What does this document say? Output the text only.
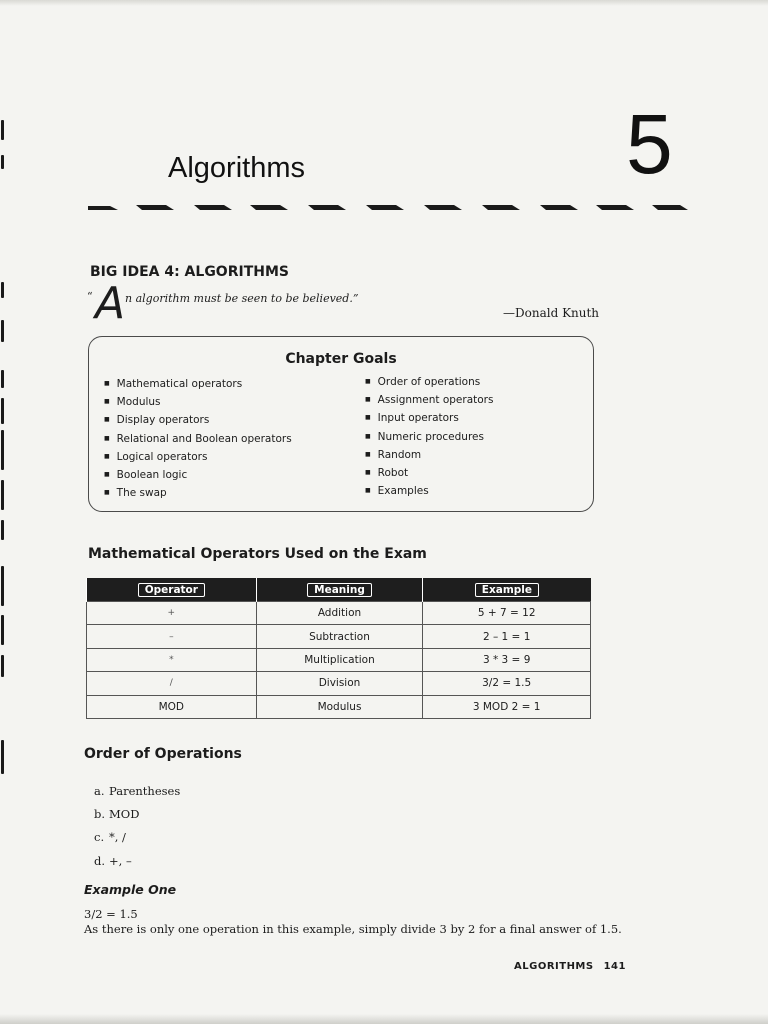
Algorithms	5
BIG IDEA 4: ALGORITHMS
“ A n algorithm must be seen to be believed.”
—Donald Knuth
Chapter Goals
■ Mathematical operators
■ Modulus
■ Display operators
■ Relational and Boolean operators
■ Logical operators
■ Boolean logic
■ The swap
■ Order of operations
■ Assignment operators
■ Input operators
■ Numeric procedures
■ Random
■ Robot
■ Examples
Mathematical Operators Used on the Exam
Operator	Meaning	Example
+	Addition	5 + 7 = 12
–	Subtraction	2 – 1 = 1
*	Multiplication	3 * 3 = 9
/	Division	3/2 = 1.5
MOD	Modulus	3 MOD 2 = 1
Order of Operations
a. Parentheses
b. MOD
c. *, /
d. +, –
Example One
3/2 = 1.5
As there is only one operation in this example, simply divide 3 by 2 for a final answer of 1.5.
ALGORITHMS 141
